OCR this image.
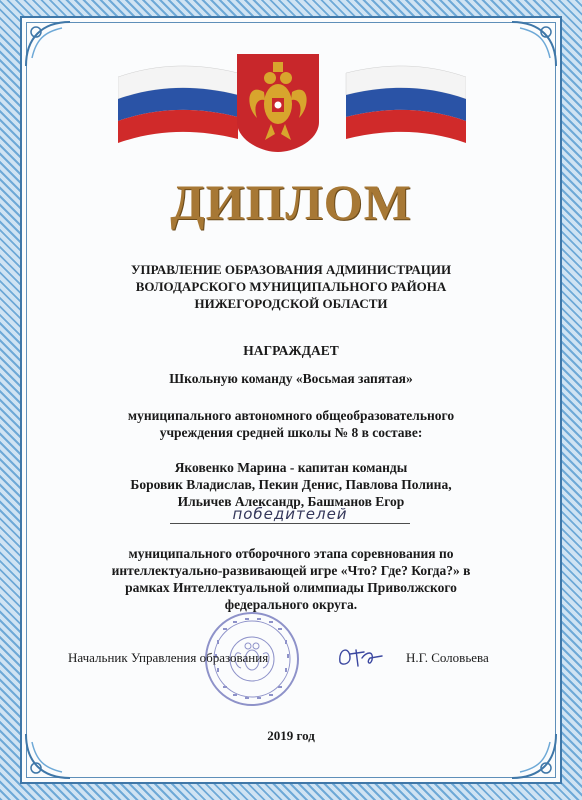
ДИПЛОМ
УПРАВЛЕНИЕ ОБРАЗОВАНИЯ АДМИНИСТРАЦИИ
ВОЛОДАРСКОГО МУНИЦИПАЛЬНОГО РАЙОНА
НИЖЕГОРОДСКОЙ ОБЛАСТИ
НАГРАЖДАЕТ
Школьную команду «Восьмая запятая»
муниципального автономного общеобразовательного
учреждения средней школы № 8 в составе:
Яковенко Марина - капитан команды
Боровик Владислав, Пекин Денис, Павлова Полина,
Ильичев Александр, Башманов Егор
победителей
муниципального отборочного этапа соревнования по
интеллектуально-развивающей игре «Что? Где? Когда?» в
рамках Интеллектуальной олимпиады Приволжского
федерального округа.
Начальник Управления образования	Н.Г. Соловьева
2019 год
